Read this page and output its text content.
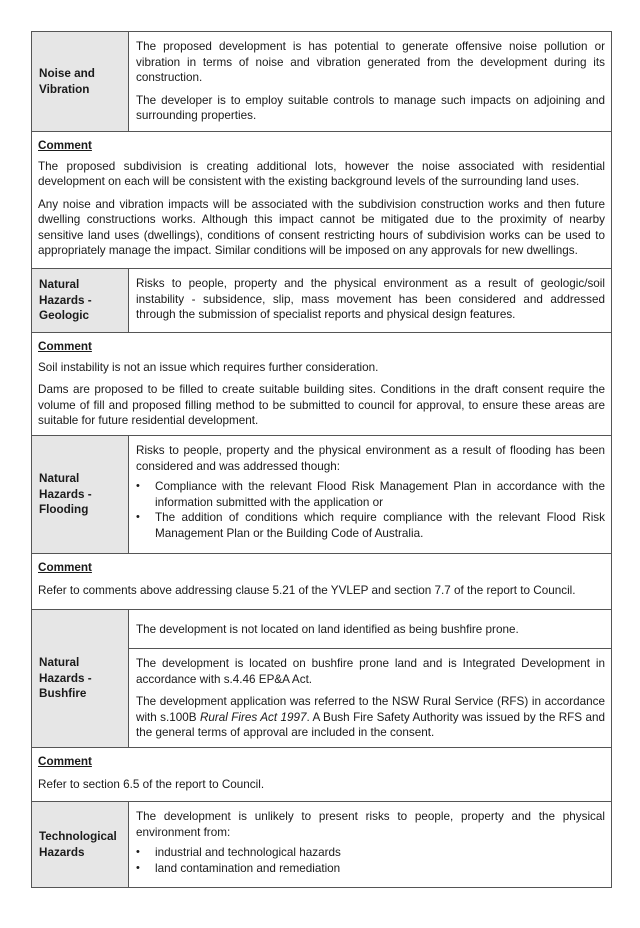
Noise and Vibration

The proposed development is has potential to generate offensive noise pollution or vibration in terms of noise and vibration generated from the development during its construction.

The developer is to employ suitable controls to manage such impacts on adjoining and surrounding properties.

Comment

The proposed subdivision is creating additional lots, however the noise associated with residential development on each will be consistent with the existing background levels of the surrounding land uses.

Any noise and vibration impacts will be associated with the subdivision construction works and then future dwelling constructions works. Although this impact cannot be mitigated due to the proximity of nearby sensitive land uses (dwellings), conditions of consent restricting hours of subdivision works can be used to appropriately manage the impact. Similar conditions will be imposed on any approvals for new dwellings.

Natural Hazards - Geologic

Risks to people, property and the physical environment as a result of geologic/soil instability - subsidence, slip, mass movement has been considered and addressed through the submission of specialist reports and physical design features.

Comment

Soil instability is not an issue which requires further consideration.

Dams are proposed to be filled to create suitable building sites. Conditions in the draft consent require the volume of fill and proposed filling method to be submitted to council for approval, to ensure these areas are suitable for future residential development.

Natural Hazards - Flooding

Risks to people, property and the physical environment as a result of flooding has been considered and was addressed though:

• Compliance with the relevant Flood Risk Management Plan in accordance with the information submitted with the application or
• The addition of conditions which require compliance with the relevant Flood Risk Management Plan or the Building Code of Australia.

Comment

Refer to comments above addressing clause 5.21 of the YVLEP and section 7.7 of the report to Council.

Natural Hazards - Bushfire

The development is not located on land identified as being bushfire prone.

The development is located on bushfire prone land and is Integrated Development in accordance with s.4.46 EP&A Act.

The development application was referred to the NSW Rural Service (RFS) in accordance with s.100B Rural Fires Act 1997. A Bush Fire Safety Authority was issued by the RFS and the general terms of approval are included in the consent.

Comment

Refer to section 6.5 of the report to Council.

Technological Hazards

The development is unlikely to present risks to people, property and the physical environment from:

• industrial and technological hazards
• land contamination and remediation
